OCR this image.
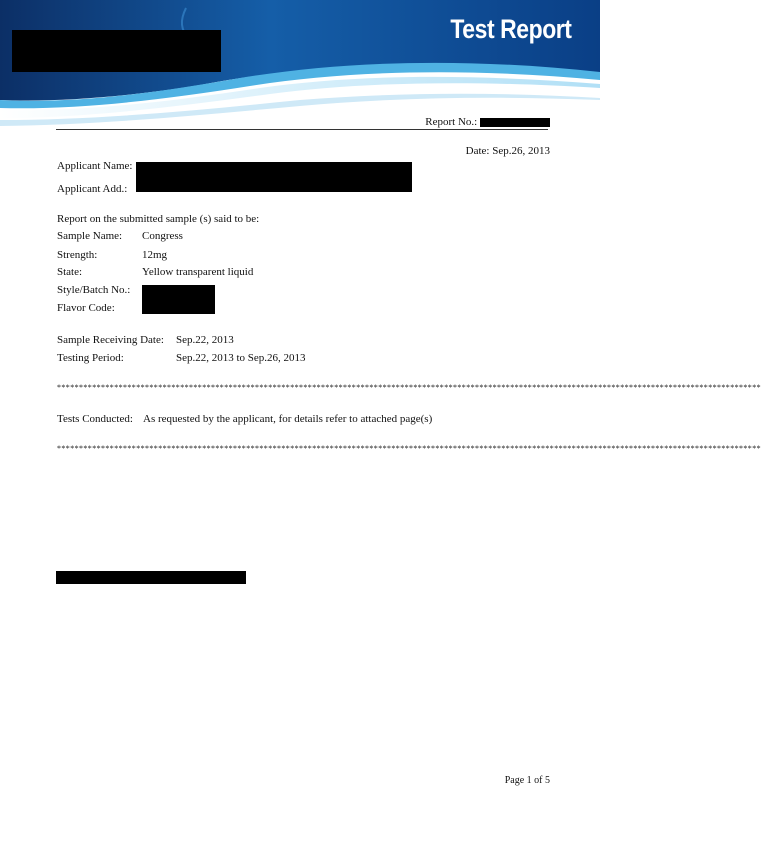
Test Report
Report No.:
Date: Sep.26, 2013
Applicant Name:
Applicant Add.:
Report on the submitted sample (s) said to be:
Sample Name: Congress
Strength:	12mg
State:	Yellow transparent liquid
Style/Batch No.:
Flavor Code:
Sample Receiving Date: Sep.22, 2013
Testing Period:	Sep.22, 2013 to Sep.26, 2013
****************************************************************************************************************************************************************
Tests Conducted: As requested by the applicant, for details refer to attached page(s)
****************************************************************************************************************************************************************
Page 1 of 5
